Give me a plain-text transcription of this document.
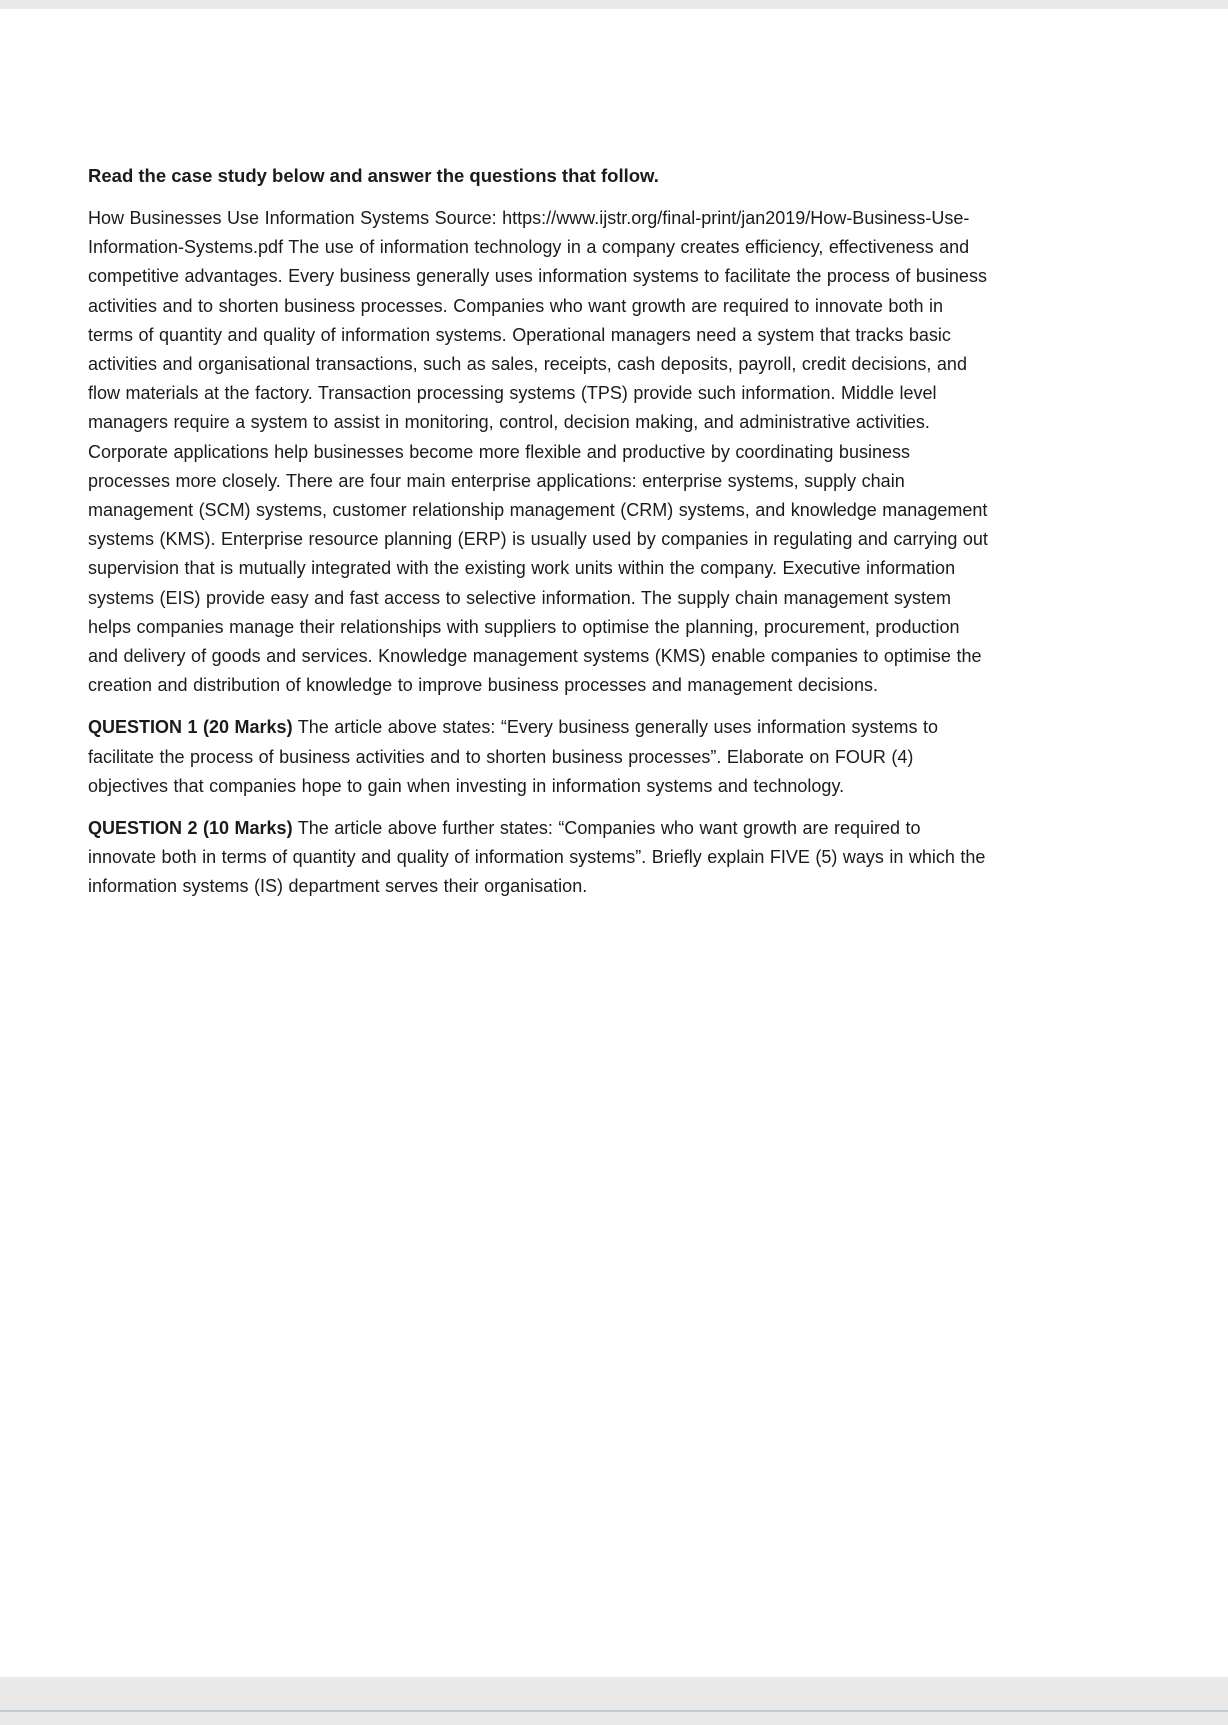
Read the case study below and answer the questions that follow.

How Businesses Use Information Systems Source: https://www.ijstr.org/final-print/jan2019/How-Business-Use-Information-Systems.pdf The use of information technology in a company creates efficiency, effectiveness and competitive advantages. Every business generally uses information systems to facilitate the process of business activities and to shorten business processes. Companies who want growth are required to innovate both in terms of quantity and quality of information systems. Operational managers need a system that tracks basic activities and organisational transactions, such as sales, receipts, cash deposits, payroll, credit decisions, and flow materials at the factory. Transaction processing systems (TPS) provide such information. Middle level managers require a system to assist in monitoring, control, decision making, and administrative activities. Corporate applications help businesses become more flexible and productive by coordinating business processes more closely. There are four main enterprise applications: enterprise systems, supply chain management (SCM) systems, customer relationship management (CRM) systems, and knowledge management systems (KMS). Enterprise resource planning (ERP) is usually used by companies in regulating and carrying out supervision that is mutually integrated with the existing work units within the company. Executive information systems (EIS) provide easy and fast access to selective information. The supply chain management system helps companies manage their relationships with suppliers to optimise the planning, procurement, production and delivery of goods and services. Knowledge management systems (KMS) enable companies to optimise the creation and distribution of knowledge to improve business processes and management decisions.

QUESTION 1 (20 Marks) The article above states: “Every business generally uses information systems to facilitate the process of business activities and to shorten business processes”. Elaborate on FOUR (4) objectives that companies hope to gain when investing in information systems and technology.

QUESTION 2 (10 Marks) The article above further states: “Companies who want growth are required to innovate both in terms of quantity and quality of information systems”. Briefly explain FIVE (5) ways in which the information systems (IS) department serves their organisation.
